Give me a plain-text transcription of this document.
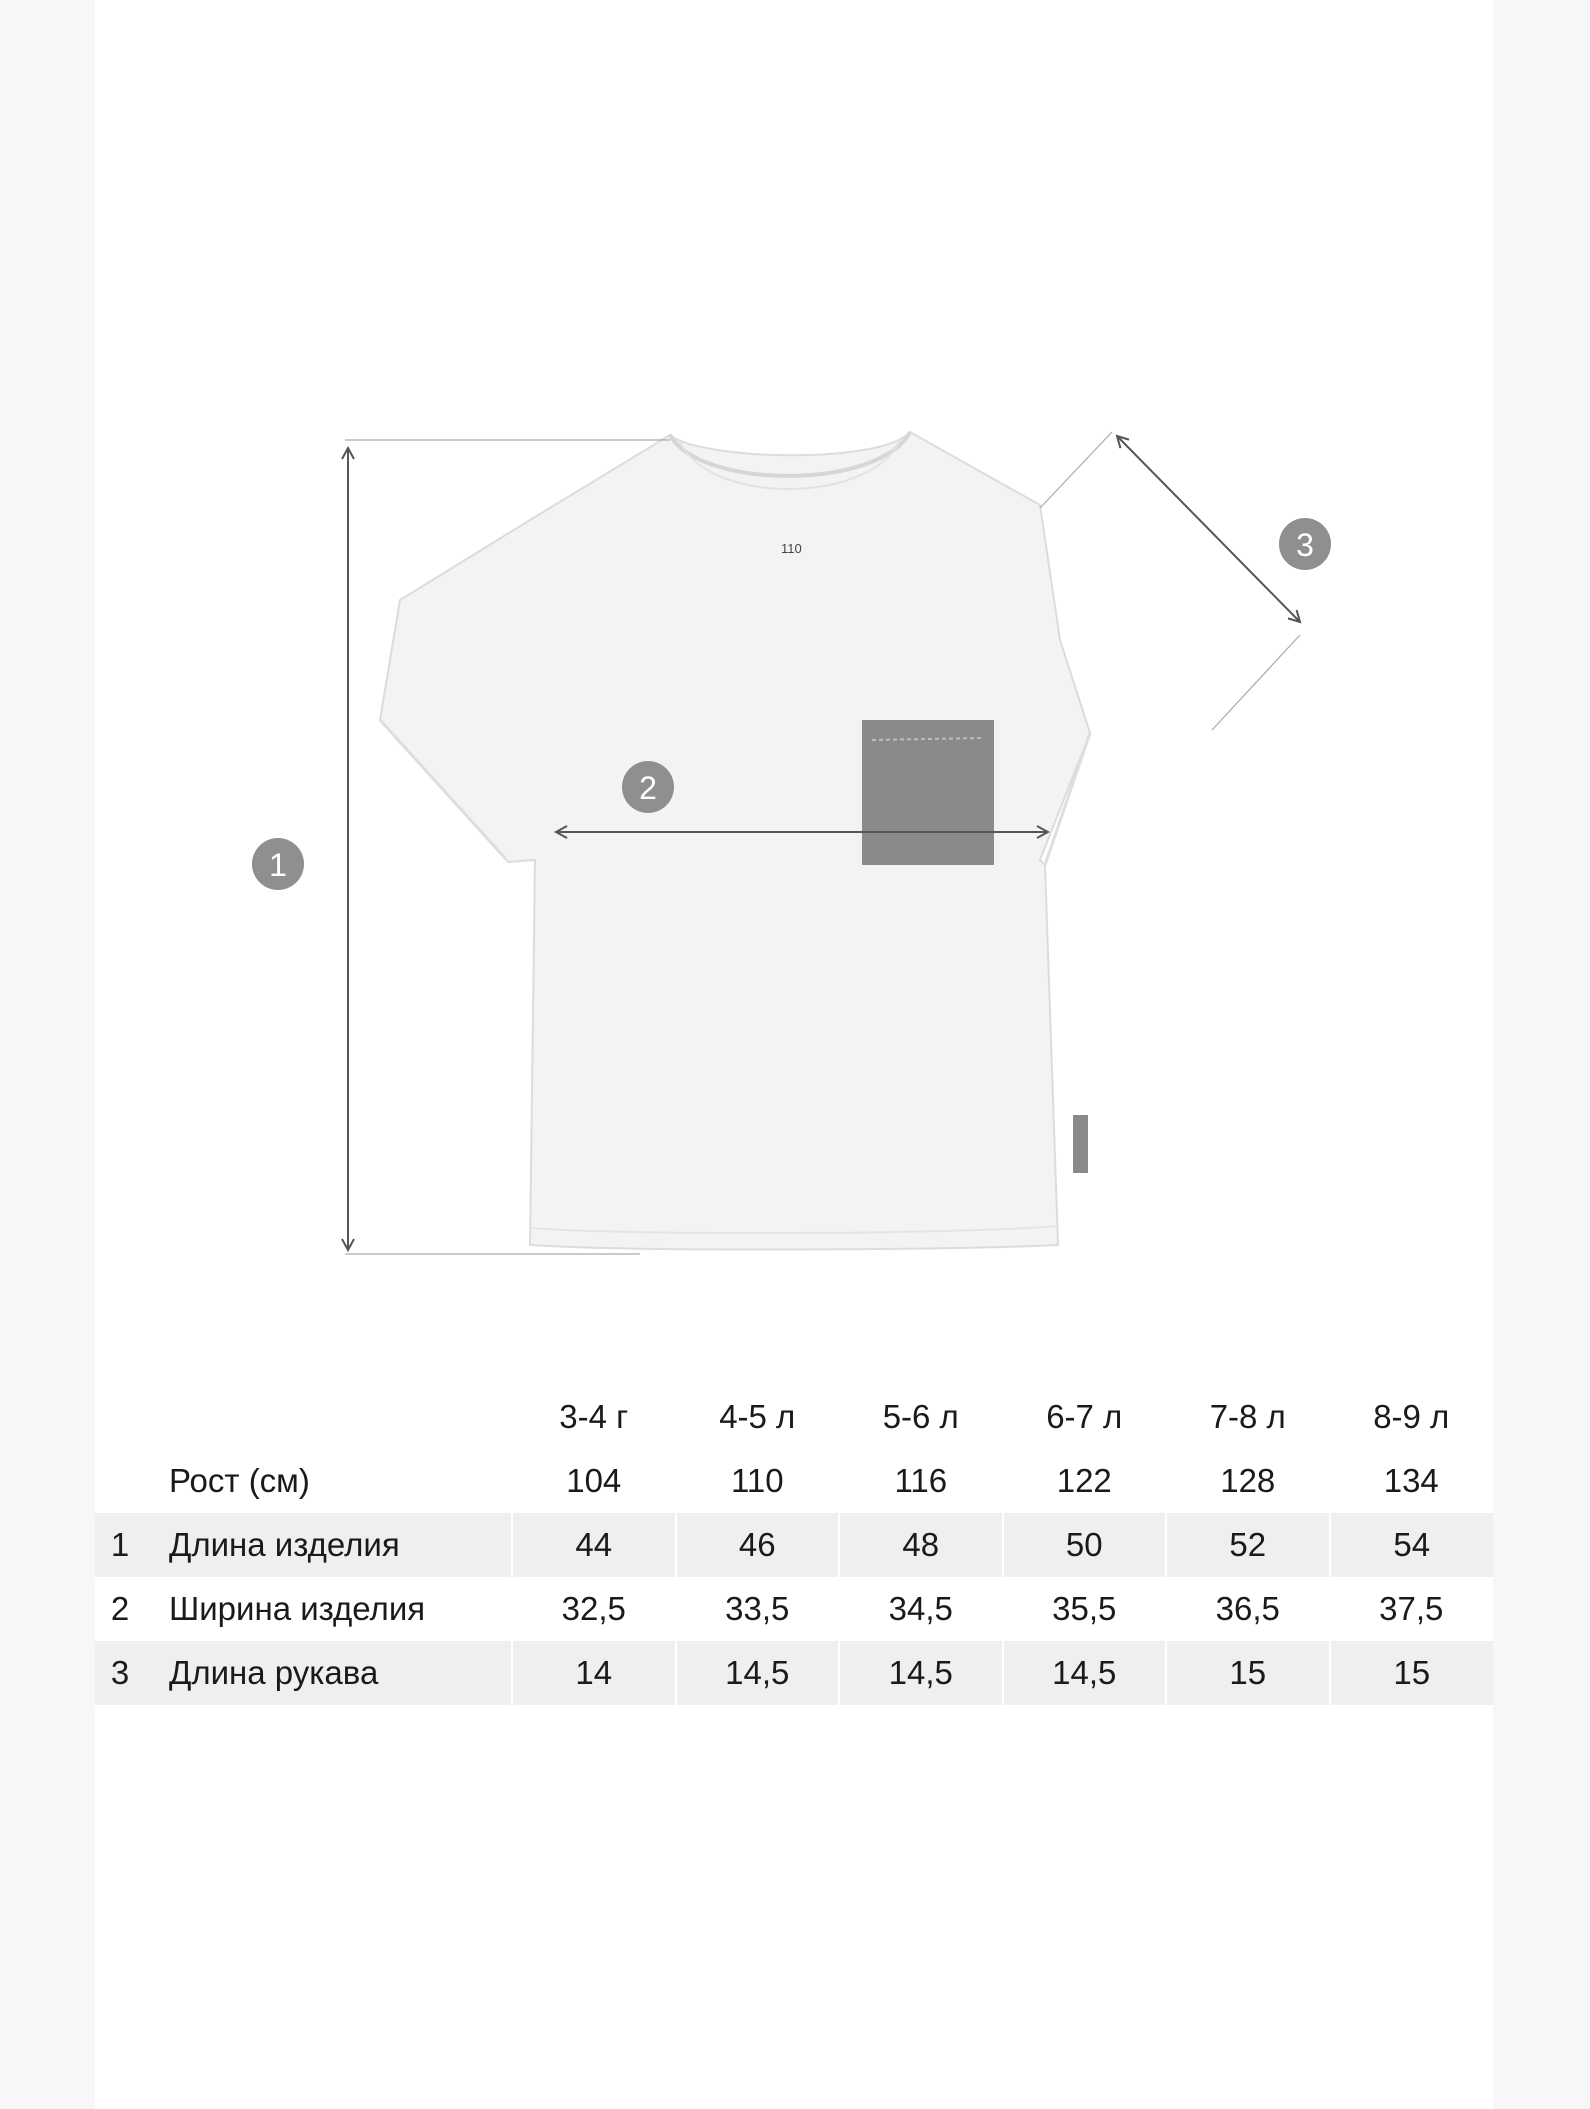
110
1
2
3
		3-4 г	4-5 л	5-6 л	6-7 л	7-8 л	8-9 л
	Рост (см)	104	110	116	122	128	134
1	Длина изделия	44	46	48	50	52	54
2	Ширина изделия	32,5	33,5	34,5	35,5	36,5	37,5
3	Длина рукава	14	14,5	14,5	14,5	15	15
